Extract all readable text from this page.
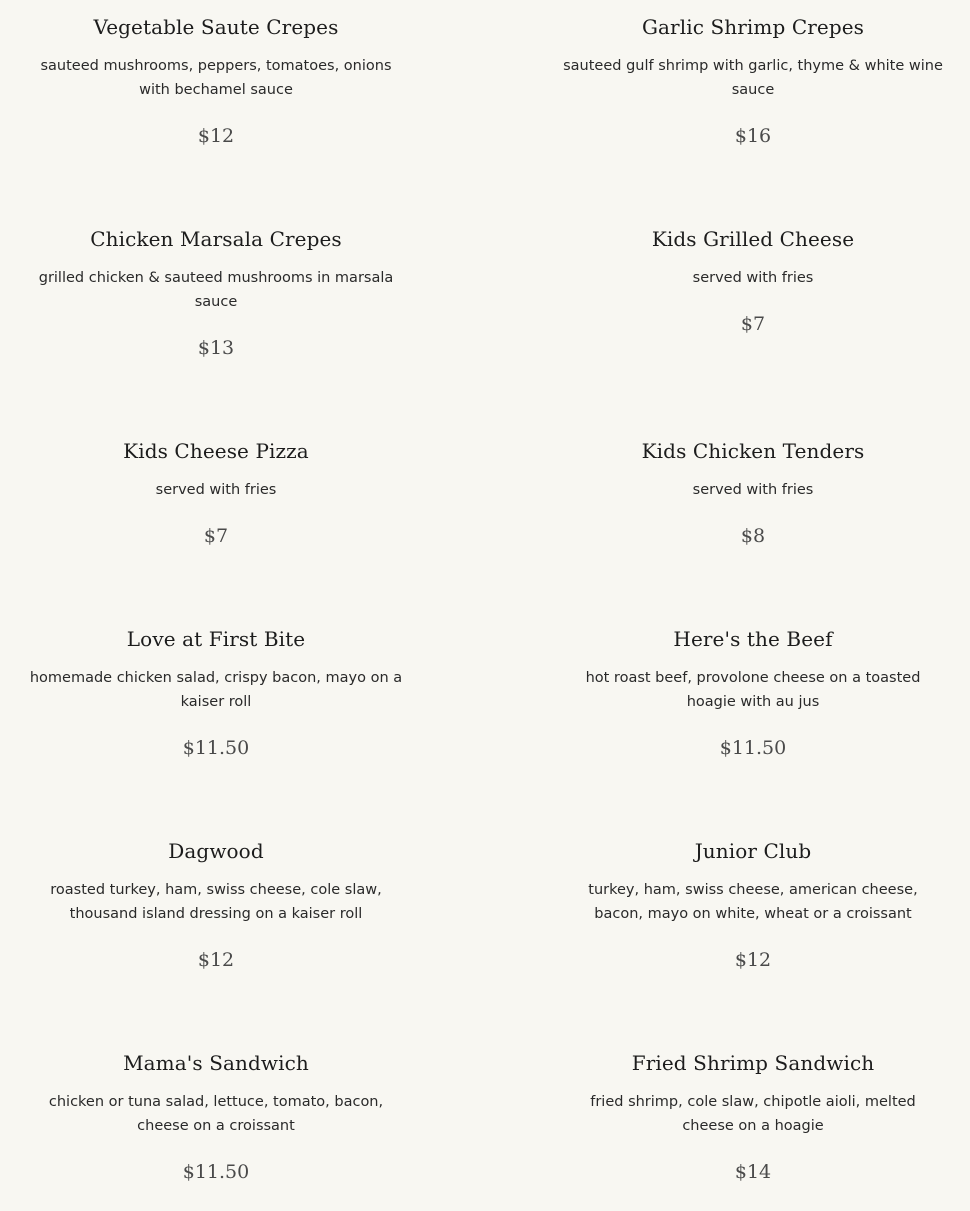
Vegetable Saute Crepes

sauteed mushrooms, peppers, tomatoes, onions with bechamel sauce

$12
Garlic Shrimp Crepes

sauteed gulf shrimp with garlic, thyme & white wine sauce

$16
Chicken Marsala Crepes

grilled chicken & sauteed mushrooms in marsala sauce

$13
Kids Grilled Cheese

served with fries

$7
Kids Cheese Pizza

served with fries

$7
Kids Chicken Tenders

served with fries

$8
Love at First Bite

homemade chicken salad, crispy bacon, mayo on a kaiser roll

$11.50
Here's the Beef

hot roast beef, provolone cheese on a toasted hoagie with au jus

$11.50
Dagwood

roasted turkey, ham, swiss cheese, cole slaw, thousand island dressing on a kaiser roll

$12
Junior Club

turkey, ham, swiss cheese, american cheese, bacon, mayo on white, wheat or a croissant

$12
Mama's Sandwich

chicken or tuna salad, lettuce, tomato, bacon, cheese on a croissant

$11.50
Fried Shrimp Sandwich

fried shrimp, cole slaw, chipotle aioli, melted cheese on a hoagie

$14
